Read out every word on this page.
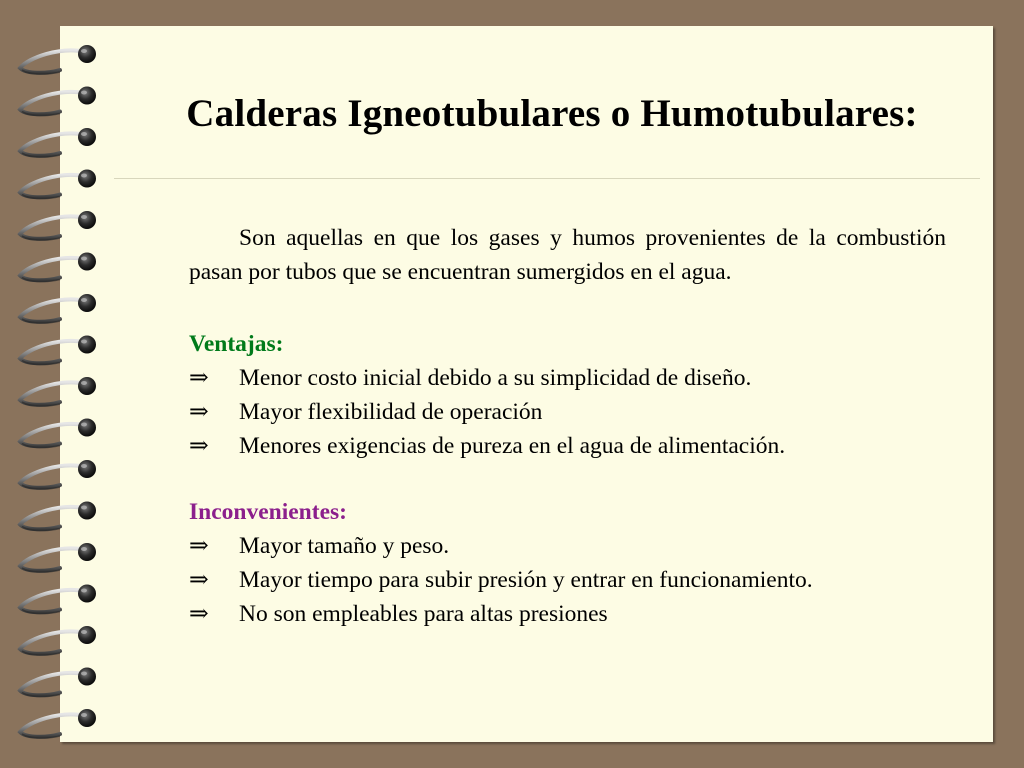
Calderas Igneotubulares o Humotubulares:

Son aquellas en que los gases y humos provenientes de la combustión pasan por tubos que se encuentran sumergidos en el agua.

Ventajas:

⇒ Menor costo inicial debido a su simplicidad de diseño.
⇒ Mayor flexibilidad de operación
⇒ Menores exigencias de pureza en el agua de alimentación.

Inconvenientes:

⇒ Mayor tamaño y peso.
⇒ Mayor tiempo para subir presión y entrar en funcionamiento.
⇒ No son empleables para altas presiones
